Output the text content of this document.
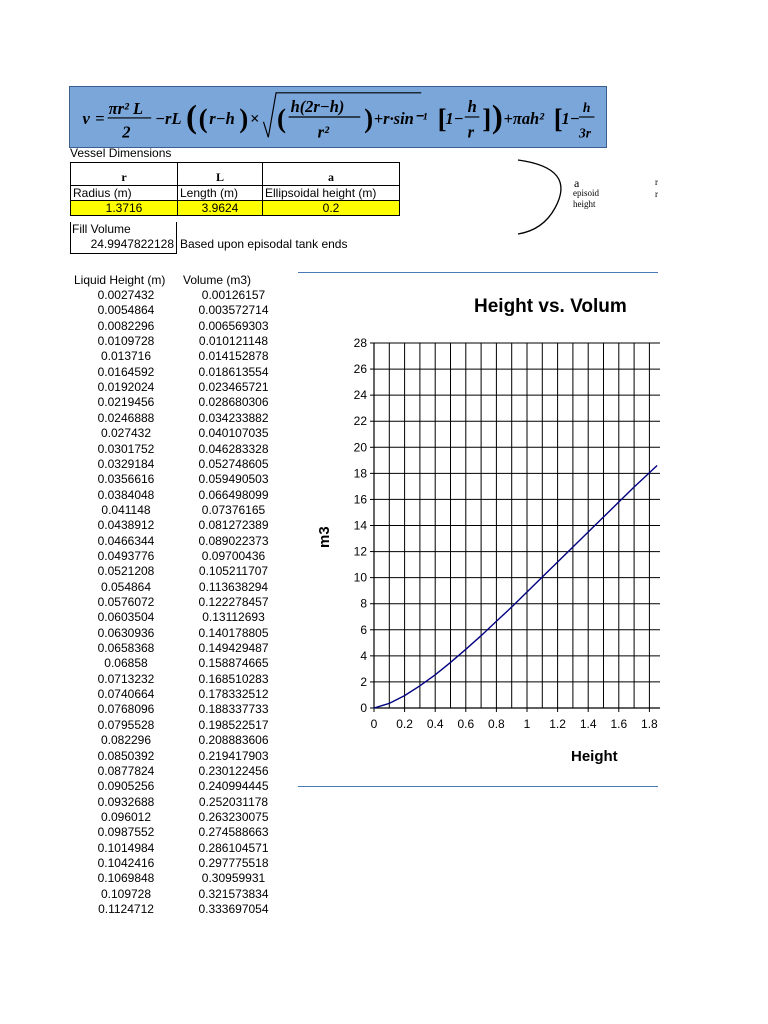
v =
πr² L
2
−rL ( ( r−h ) × ( h(2r−h)
r² ) +r·sin⁻¹ [
1−
h
r ] ) +πah² [
1−
h
3r
Vessel Dimensions
r	L	a
Radius (m)	Length (m)	Ellipsoidal height (m)
1.3716	3.9624	0.2
Fill Volume
24.9947822128 Based upon episodal tank ends
a
episoid
height
r
r
Liquid Height (m) Volume (m3)
0.0027432	0.00126157
0.0054864	0.003572714
0.0082296	0.006569303
0.0109728	0.010121148
0.013716	0.014152878
0.0164592	0.018613554
0.0192024	0.023465721
0.0219456	0.028680306
0.0246888	0.034233882
0.027432	0.040107035
0.0301752	0.046283328
0.0329184	0.052748605
0.0356616	0.059490503
0.0384048	0.066498099
0.041148	0.07376165
0.0438912	0.081272389
0.0466344	0.089022373
0.0493776	0.09700436
0.0521208	0.105211707
0.054864	0.113638294
0.0576072	0.122278457
0.0603504	0.13112693
0.0630936	0.140178805
0.0658368	0.149429487
0.06858	0.158874665
0.0713232	0.168510283
0.0740664	0.178332512
0.0768096	0.188337733
0.0795528	0.198522517
0.082296	0.208883606
0.0850392	0.219417903
0.0877824	0.230122456
0.0905256	0.240994445
0.0932688	0.252031178
0.096012	0.263230075
0.0987552	0.274588663
0.1014984	0.286104571
0.1042416	0.297775518
0.1069848	0.30959931
0.109728	0.321573834
0.1124712	0.333697054
Height vs. Volum
m3
Height
0
2
4
6
8
10
12
14
16
18
20
22
24
26
28
0 0.2 0.4 0.6 0.8 1 1.2 1.4 1.6 1.8
